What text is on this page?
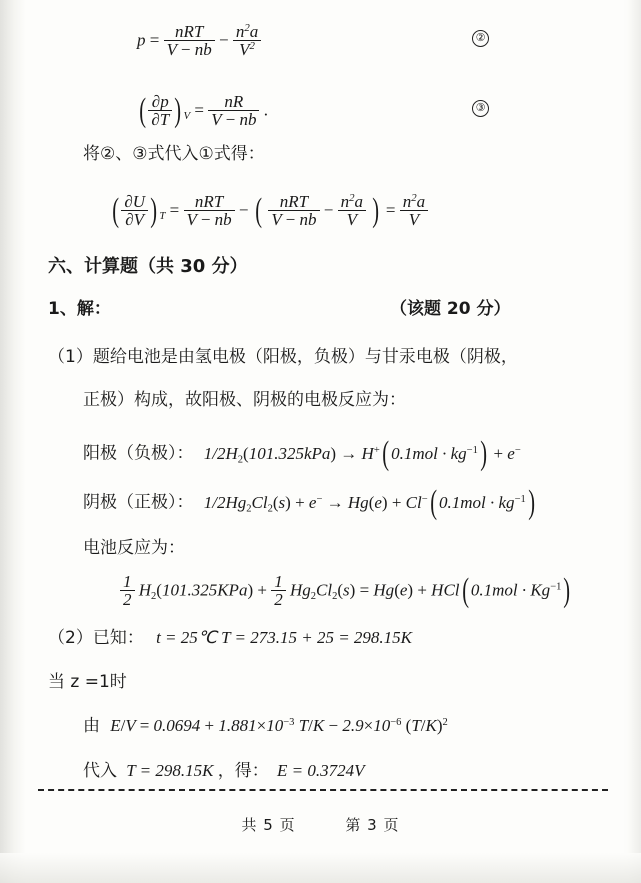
$p = \frac{\text{nRT}}{V - nb} - \frac{n^2a}{V^2}$	②
( $\frac{\partial p}{\partial T}$ ) $_V = \frac{nR}{V - nb}$ .	③
将②、③式代入①式得：
( $\frac{\partial U}{\partial V}$ ) $_T = \frac{\text{nRT}}{V - nb}$ − ( $\frac{\text{nRT}}{V - nb} - \frac{n^2a}{V}$ ) = $\frac{n^2a}{V}$
六、计算题（共 30 分）
1、解：	（该题 20 分）
（1）题给电池是由氢电极（阳极，负极）与甘汞电极（阴极，
正极）构成，故阳极、阴极的电极反应为：
阳极（负极）： $1/2H_2(101.325kPa) \to H^+$( $0.1mol \cdot kg^{-1}) + e^-$
阴极（正极）： $1/2Hg_2Cl_2(s) + e^- \to Hg(e) + Cl^-$( $0.1mol \cdot kg^{-1}$)
电池反应为：
$\frac{1}{2} H_2(101.325KPa) + \frac{1}{2} Hg_2Cl_2(s) = Hg(e) + HCl$( $0.1mol \cdot Kg^{-1}$)
（2）已知： t = 25℃ T = 273.15 + 25 = 298.15K
当 z =1时
由 $E/V = 0.0694 + 1.881\times 10^{-3}$ $T/K - 2.9\times 10^{-6}$ $(T/K)^2$
代入 T = 298.15K ，得： E = 0.3724V
共 5 页	第 3 页
